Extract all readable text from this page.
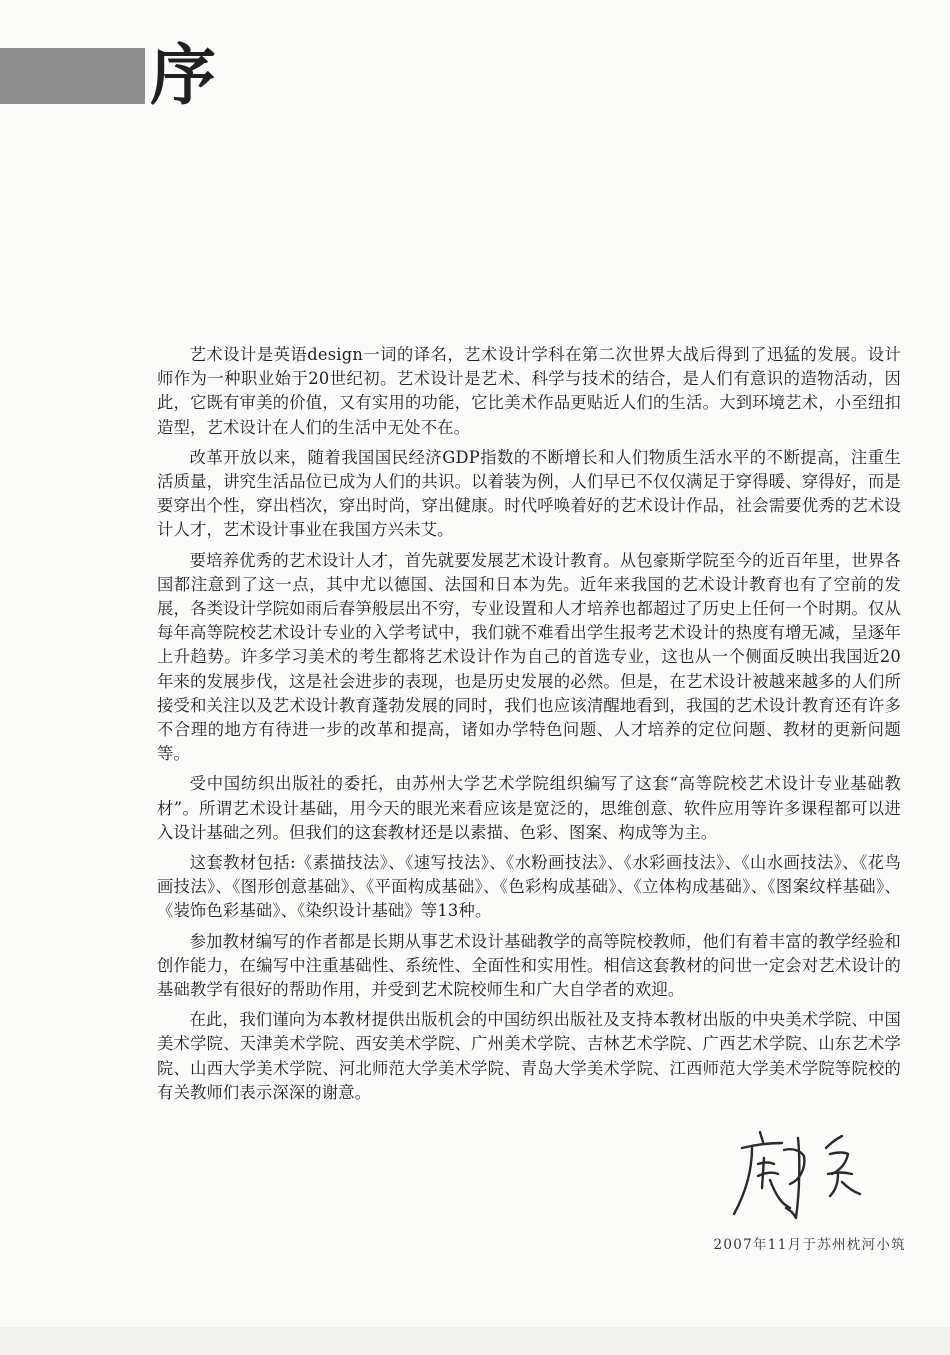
序

艺术设计是英语design一词的译名，艺术设计学科在第二次世界大战后得到了迅猛的发展。设计师作为一种职业始于20世纪初。艺术设计是艺术、科学与技术的结合，是人们有意识的造物活动，因此，它既有审美的价值，又有实用的功能，它比美术作品更贴近人们的生活。大到环境艺术，小至纽扣造型，艺术设计在人们的生活中无处不在。

改革开放以来，随着我国国民经济GDP指数的不断增长和人们物质生活水平的不断提高，注重生活质量，讲究生活品位已成为人们的共识。以着装为例，人们早已不仅仅满足于穿得暖、穿得好，而是要穿出个性，穿出档次，穿出时尚，穿出健康。时代呼唤着好的艺术设计作品，社会需要优秀的艺术设计人才，艺术设计事业在我国方兴未艾。

要培养优秀的艺术设计人才，首先就要发展艺术设计教育。从包豪斯学院至今的近百年里，世界各国都注意到了这一点，其中尤以德国、法国和日本为先。近年来我国的艺术设计教育也有了空前的发展，各类设计学院如雨后春笋般层出不穷，专业设置和人才培养也都超过了历史上任何一个时期。仅从每年高等院校艺术设计专业的入学考试中，我们就不难看出学生报考艺术设计的热度有增无减，呈逐年上升趋势。许多学习美术的考生都将艺术设计作为自己的首选专业，这也从一个侧面反映出我国近20年来的发展步伐，这是社会进步的表现，也是历史发展的必然。但是，在艺术设计被越来越多的人们所接受和关注以及艺术设计教育蓬勃发展的同时，我们也应该清醒地看到，我国的艺术设计教育还有许多不合理的地方有待进一步的改革和提高，诸如办学特色问题、人才培养的定位问题、教材的更新问题等。

受中国纺织出版社的委托，由苏州大学艺术学院组织编写了这套“高等院校艺术设计专业基础教材”。所谓艺术设计基础，用今天的眼光来看应该是宽泛的，思维创意、软件应用等许多课程都可以进入设计基础之列。但我们的这套教材还是以素描、色彩、图案、构成等为主。

这套教材包括:《素描技法》、《速写技法》、《水粉画技法》、《水彩画技法》、《山水画技法》、《花鸟画技法》、《图形创意基础》、《平面构成基础》、《色彩构成基础》、《立体构成基础》、《图案纹样基础》、《装饰色彩基础》、《染织设计基础》等13种。

参加教材编写的作者都是长期从事艺术设计基础教学的高等院校教师，他们有着丰富的教学经验和创作能力，在编写中注重基础性、系统性、全面性和实用性。相信这套教材的问世一定会对艺术设计的基础教学有很好的帮助作用，并受到艺术院校师生和广大自学者的欢迎。

在此，我们谨向为本教材提供出版机会的中国纺织出版社及支持本教材出版的中央美术学院、中国美术学院、天津美术学院、西安美术学院、广州美术学院、吉林艺术学院、广西艺术学院、山东艺术学院、山西大学美术学院、河北师范大学美术学院、青岛大学美术学院、江西师范大学美术学院等院校的有关教师们表示深深的谢意。

2007年11月于苏州枕河小筑
